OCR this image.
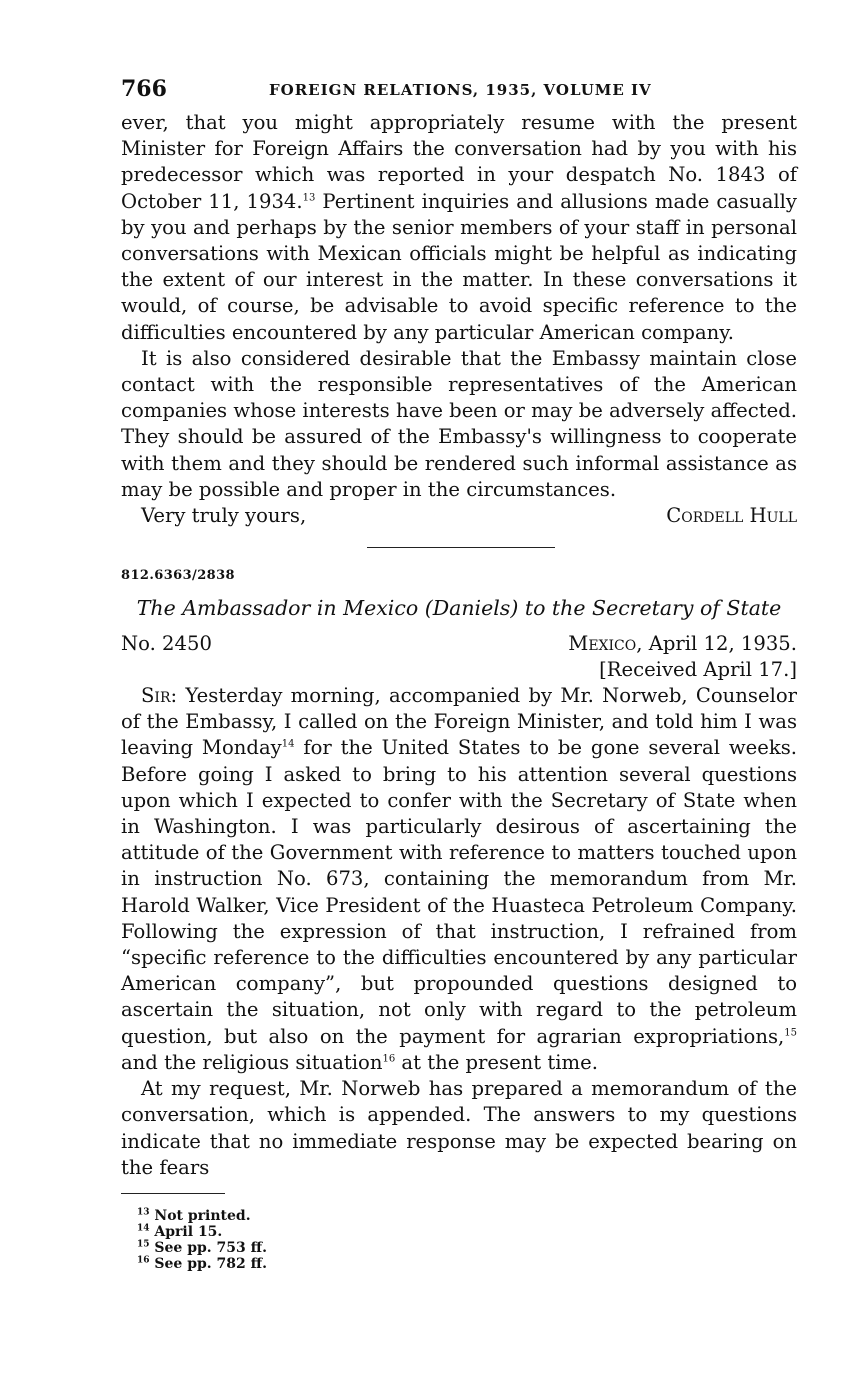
766	FOREIGN RELATIONS, 1935, VOLUME IV

ever, that you might appropriately resume with the present Minister for Foreign Affairs the conversation had by you with his predecessor which was reported in your despatch No. 1843 of October 11, 1934.13 Pertinent inquiries and allusions made casually by you and perhaps by the senior members of your staff in personal conversations with Mexican officials might be helpful as indicating the extent of our interest in the matter. In these conversations it would, of course, be advisable to avoid specific reference to the difficulties encountered by any particular American company.

It is also considered desirable that the Embassy maintain close contact with the responsible representatives of the American companies whose interests have been or may be adversely affected. They should be assured of the Embassy's willingness to cooperate with them and they should be rendered such informal assistance as may be possible and proper in the circumstances.

Very truly yours,	Cordell Hull
812.6363/2838
The Ambassador in Mexico (Daniels) to the Secretary of State
No. 2450	Mexico, April 12, 1935.
[Received April 17.]

Sir: Yesterday morning, accompanied by Mr. Norweb, Counselor of the Embassy, I called on the Foreign Minister, and told him I was leaving Monday$^{14}$ for the United States to be gone several weeks. Before going I asked to bring to his attention several questions upon which I expected to confer with the Secretary of State when in Washington. I was particularly desirous of ascertaining the attitude of the Government with reference to matters touched upon in instruction No. 673, containing the memorandum from Mr. Harold Walker, Vice President of the Huasteca Petroleum Company. Following the expression of that instruction, I refrained from “specific reference to the difficulties encountered by any particular American company”, but propounded questions designed to ascertain the situation, not only with regard to the petroleum question, but also on the payment for agrarian expropriations,$^{15}$ and the religious situation$^{16}$ at the present time.

At my request, Mr. Norweb has prepared a memorandum of the conversation, which is appended. The answers to my questions indicate that no immediate response may be expected bearing on the fears

$^{13}$ Not printed.
$^{14}$ April 15.
$^{15}$ See pp. 753 ff.
$^{16}$ See pp. 782 ff.
